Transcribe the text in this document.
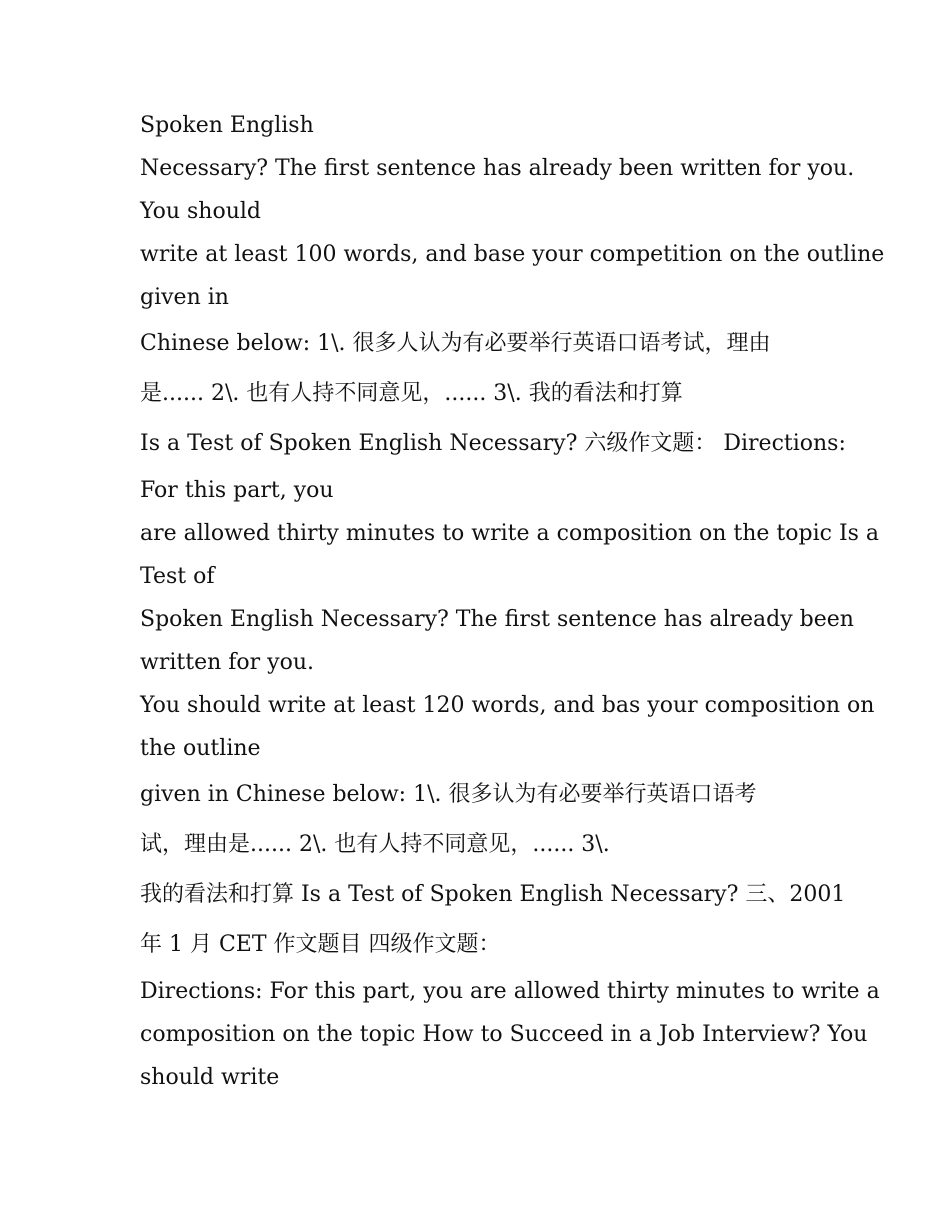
Spoken English

Necessary? The first sentence has already been written for you.

You should

write at least 100 words, and base your competition on the outline

given in

Chinese below: 1\. 很多人认为有必要举行英语口语考试，理由

是...... 2\. 也有人持不同意见，...... 3\. 我的看法和打算

Is a Test of Spoken English Necessary? 六级作文题： Directions:

For this part, you

are allowed thirty minutes to write a composition on the topic Is a

Test of

Spoken English Necessary? The first sentence has already been

written for you.

You should write at least 120 words, and bas your composition on

the outline

given in Chinese below: 1\. 很多认为有必要举行英语口语考

试，理由是...... 2\. 也有人持不同意见，...... 3\.

我的看法和打算 Is a Test of Spoken English Necessary? 三、2001

年 1 月 CET 作文题目 四级作文题：

Directions: For this part, you are allowed thirty minutes to write a

composition on the topic How to Succeed in a Job Interview? You

should write
